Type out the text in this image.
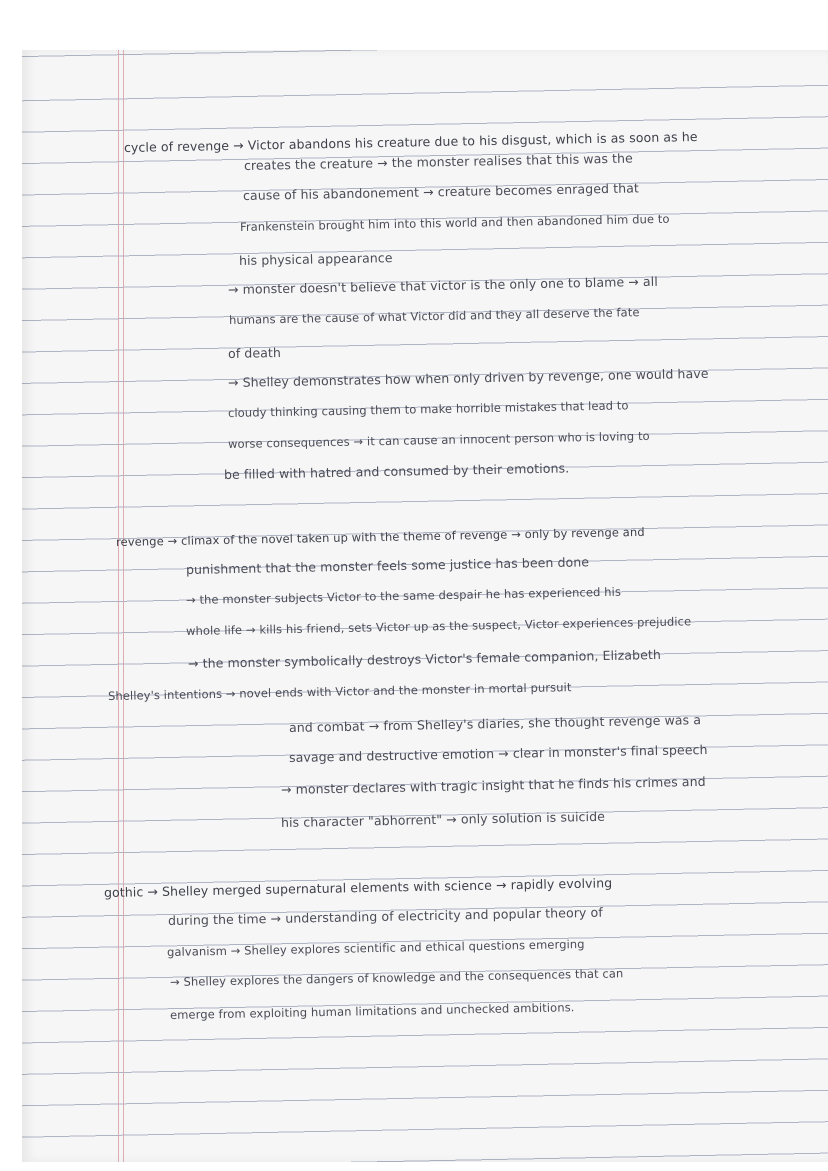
cycle of revenge → Victor abandons his creature due to his disgust, which is as soon as he
creates the creature → the monster realises that this was the
cause of his abandonement → creature becomes enraged that
Frankenstein brought him into this world and then abandoned him due to
his physical appearance
→ monster doesn't believe that victor is the only one to blame → all
humans are the cause of what Victor did and they all deserve the fate
of death
→ Shelley demonstrates how when only driven by revenge, one would have
cloudy thinking causing them to make horrible mistakes that lead to
worse consequences → it can cause an innocent person who is loving to
be filled with hatred and consumed by their emotions.
revenge → climax of the novel taken up with the theme of revenge → only by revenge and
punishment that the monster feels some justice has been done
→ the monster subjects Victor to the same despair he has experienced his
whole life → kills his friend, sets Victor up as the suspect, Victor experiences prejudice
→ the monster symbolically destroys Victor's female companion, Elizabeth
Shelley's intentions → novel ends with Victor and the monster in mortal pursuit
and combat → from Shelley's diaries, she thought revenge was a
savage and destructive emotion → clear in monster's final speech
→ monster declares with tragic insight that he finds his crimes and
his character "abhorrent" → only solution is suicide
gothic → Shelley merged supernatural elements with science → rapidly evolving
during the time → understanding of electricity and popular theory of
galvanism → Shelley explores scientific and ethical questions emerging
→ Shelley explores the dangers of knowledge and the consequences that can
emerge from exploiting human limitations and unchecked ambitions.
